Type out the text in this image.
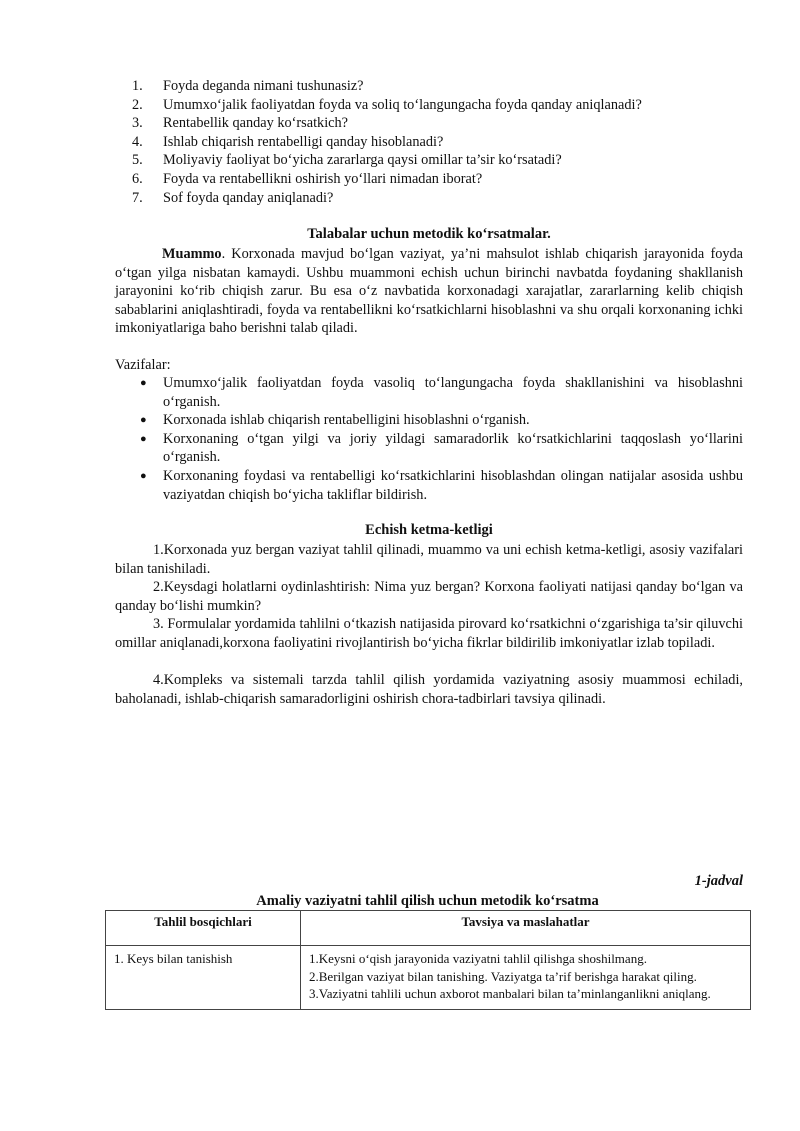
1.	Foyda deganda nimani tushunasiz?
2.	Umumxo‘jalik faoliyatdan foyda va soliq to‘langungacha foyda qanday aniqlanadi?
3.	Rentabellik qanday ko‘rsatkich?
4.	Ishlab chiqarish rentabelligi qanday hisoblanadi?
5.	Moliyaviy faoliyat bo‘yicha zararlarga qaysi omillar ta’sir ko‘rsatadi?
6.	Foyda va rentabellikni oshirish yo‘llari nimadan iborat?
7.	Sof foyda qanday aniqlanadi?
Talabalar uchun metodik ko‘rsatmalar.

Muammo. Korxonada mavjud bo‘lgan vaziyat, ya’ni mahsulot ishlab chiqarish jarayonida foyda o‘tgan yilga nisbatan kamaydi. Ushbu muammoni echish uchun birinchi navbatda foydaning shakllanish jarayonini ko‘rib chiqish zarur. Bu esa o‘z navbatida korxonadagi xarajatlar, zararlarning kelib chiqish sabablarini aniqlashtiradi, foyda va rentabellikni ko‘rsatkichlarni hisoblashni va shu orqali korxonaning ichki imkoniyatlariga baho berishni talab qiladi.

Vazifalar:

●	Umumxo‘jalik faoliyatdan foyda vasoliq to‘langungacha foyda shakllanishini va hisoblashni o‘rganish.
●	Korxonada ishlab chiqarish rentabelligini hisoblashni o‘rganish.
●	Korxonaning o‘tgan yilgi va joriy yildagi samaradorlik ko‘rsatkichlarini taqqoslash yo‘llarini o‘rganish.
●	Korxonaning foydasi va rentabelligi ko‘rsatkichlarini hisoblashdan olingan natijalar asosida ushbu vaziyatdan chiqish bo‘yicha takliflar bildirish.
Echish ketma-ketligi

1.Korxonada yuz bergan vaziyat tahlil qilinadi, muammo va uni echish ketma-ketligi, asosiy vazifalari bilan tanishiladi.

2.Keysdagi holatlarni oydinlashtirish: Nima yuz bergan? Korxona faoliyati natijasi qanday bo‘lgan va qanday bo‘lishi mumkin?

3. Formulalar yordamida tahlilni o‘tkazish natijasida pirovard ko‘rsatkichni o‘zgarishiga ta’sir qiluvchi omillar aniqlanadi,korxona faoliyatini rivojlantirish bo‘yicha fikrlar bildirilib imkoniyatlar izlab topiladi.

4.Kompleks va sistemali tarzda tahlil qilish yordamida vaziyatning asosiy muammosi echiladi, baholanadi, ishlab-chiqarish samaradorligini oshirish chora-tadbirlari tavsiya qilinadi.

1-jadval
Amaliy vaziyatni tahlil qilish uchun metodik ko‘rsatma
Tahlil bosqichlari	Tavsiya va maslahatlar
1. Keys bilan tanishish	1.Keysni o‘qish jarayonida vaziyatni tahlil qilishga shoshilmang.

2.Berilgan vaziyat bilan tanishing. Vaziyatga ta’rif berishga harakat qiling.

3.Vaziyatni tahlili uchun axborot manbalari bilan ta’minlanganlikni aniqlang.
